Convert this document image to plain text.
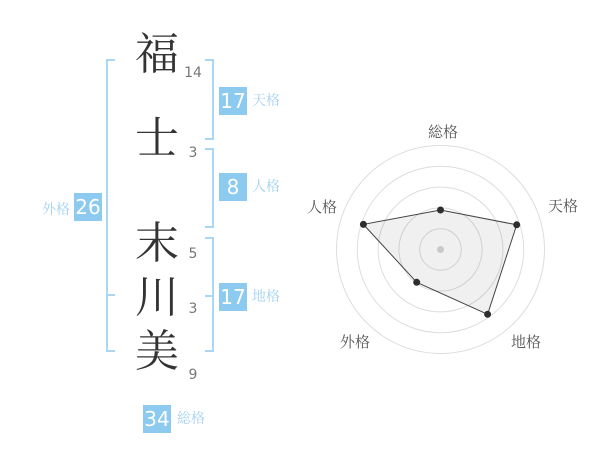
福
士
末
川
美
14
3
5
3
9
17 天格
8 人格
17 地格
外格 26
34 総格
総格
天格
地格
外格
人格
